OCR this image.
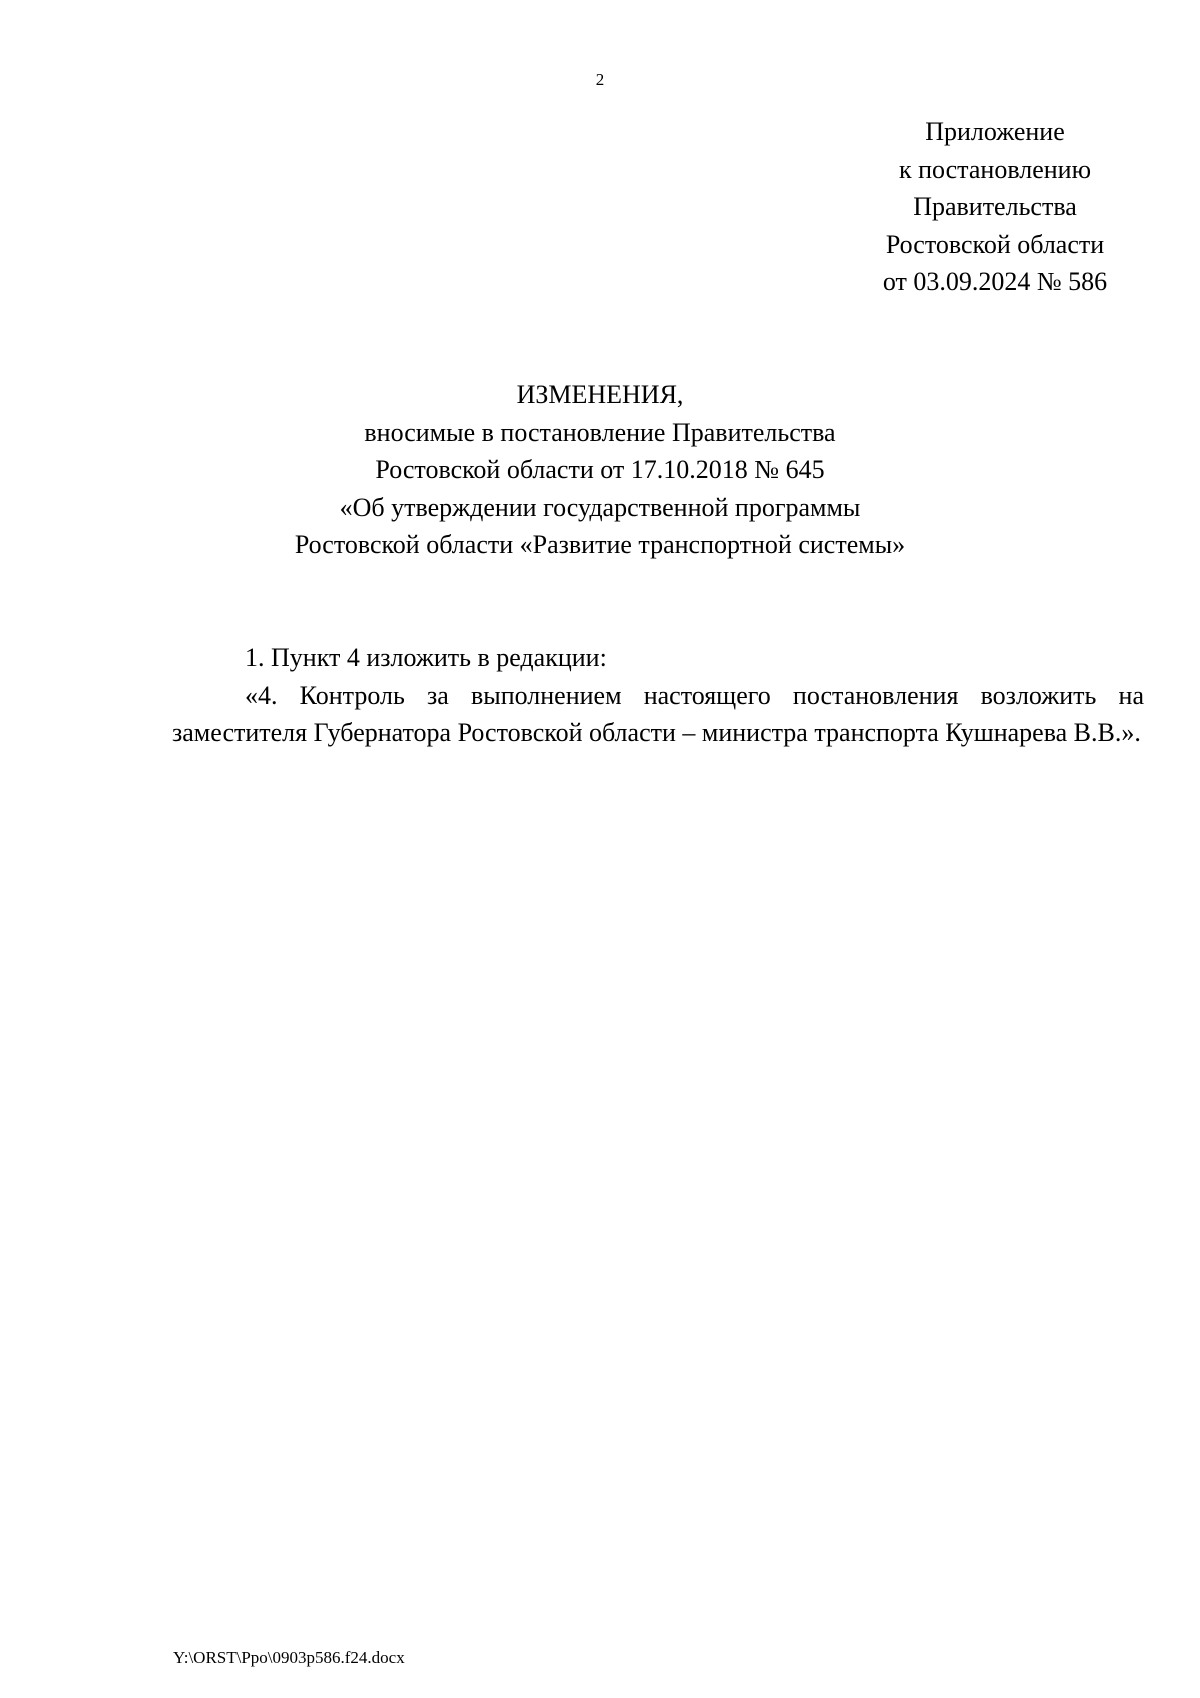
2
Приложение
к постановлению
Правительства
Ростовской области
от 03.09.2024 № 586
ИЗМЕНЕНИЯ,
вносимые в постановление Правительства
Ростовской области от 17.10.2018 № 645
«Об утверждении государственной программы
Ростовской области «Развитие транспортной системы»

1. Пункт 4 изложить в редакции:

«4. Контроль за выполнением настоящего постановления возложить на заместителя Губернатора Ростовской области – министра транспорта Кушнарева В.В.».

Y:\ORST\Ppo\0903p586.f24.docx
